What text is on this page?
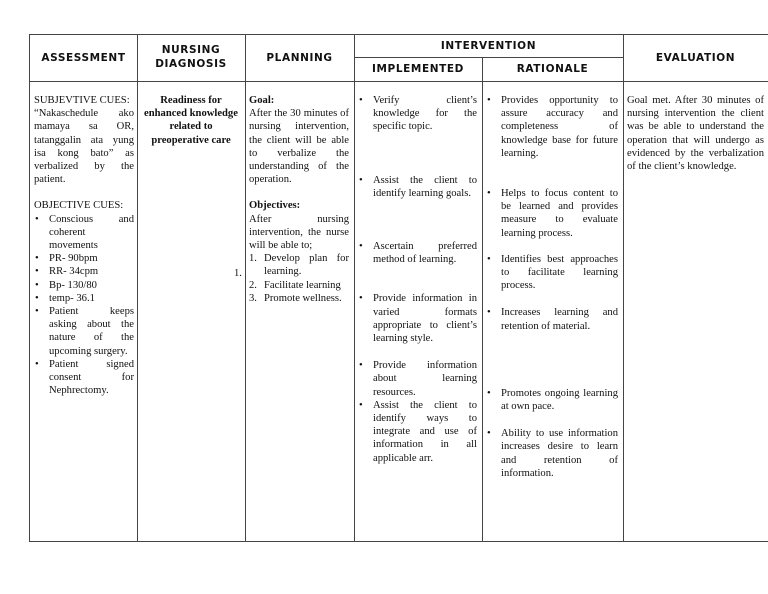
ASSESSMENT
NURSING
DIAGNOSIS	PLANNING
INTERVENTION
IMPLEMENTED	RATIONALE
EVALUATION

SUBJEVTIVE CUES:

“Nakaschedule ako mamaya sa OR, tatanggalin ata yung isa kong bato” as verbalized by the patient.

OBJECTIVE CUES:

• Conscious and coherent movements
• PR- 90bpm
• RR- 34cpm
• Bp- 130/80
• temp- 36.1
• Patient keeps asking about the nature of the upcoming surgery.
• Patient signed consent for Nephrectomy.
Readiness for enhanced knowledge related to preoperative care

Goal:

After the 30 minutes of nursing intervention, the client will be able to verbalize the understanding of the operation.

Objectives:

After nursing intervention, the nurse will be able to;

1. Develop plan for learning.
2. Facilitate learning
3. Promote wellness.
1.
• Verify client’s knowledge for the specific topic.
• Assist the client to identify learning goals.
• Ascertain preferred method of learning.
• Provide information in varied formats appropriate to client’s learning style.
• Provide information about learning resources.
• Assist the client to identify ways to integrate and use of information in all applicable arr.
• Provides opportunity to assure accuracy and completeness of knowledge base for future learning.
• Helps to focus content to be learned and provides measure to evaluate learning process.
• Identifies best approaches to facilitate learning process.
• Increases learning and retention of material.
• Promotes ongoing learning at own pace.
• Ability to use information increases desire to learn and retention of information.
Goal met. After 30 minutes of nursing intervention the client was be able to understand the operation that will undergo as evidenced by the verbalization of the client’s knowledge.
